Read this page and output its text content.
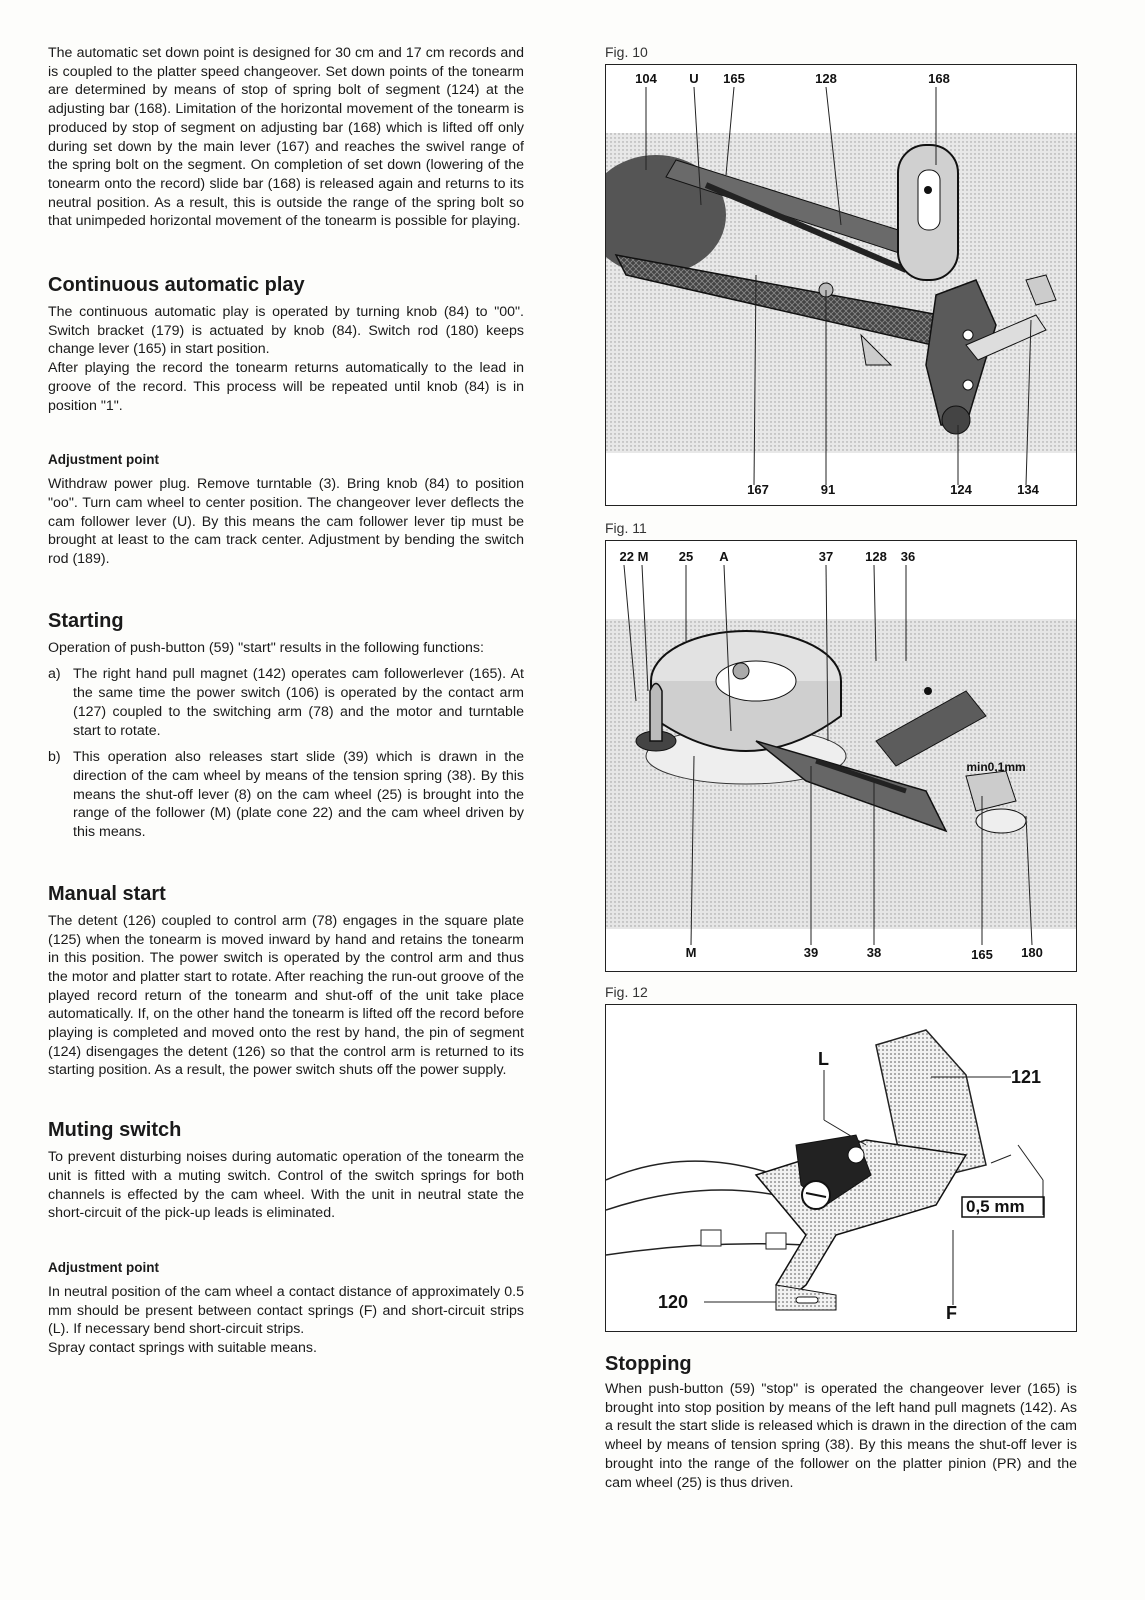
The automatic set down point is designed for 30 cm and 17 cm records and is coupled to the platter speed changeover. Set down points of the tonearm are determined by means of stop of spring bolt of segment (124) at the adjusting bar (168). Limitation of the horizontal movement of the tonearm is produced by stop of segment on adjusting bar (168) which is lifted off only during set down by the main lever (167) and reaches the swivel range of the spring bolt on the segment. On completion of set down (lowering of the tonearm onto the record) slide bar (168) is released again and returns to its neutral position. As a result, this is outside the range of the spring bolt so that unimpeded horizontal movement of the tonearm is possible for playing.

Continuous automatic play

The continuous automatic play is operated by turning knob (84) to "00". Switch bracket (179) is actuated by knob (84). Switch rod (180) keeps change lever (165) in start position.

After playing the record the tonearm returns automatically to the lead in groove of the record. This process will be repeated until knob (84) is in position "1".

Adjustment point

Withdraw power plug. Remove turntable (3). Bring knob (84) to position "oo". Turn cam wheel to center position. The changeover lever deflects the cam follower lever (U). By this means the cam follower lever tip must be brought at least to the cam track center. Adjustment by bending the switch rod (189).

Starting

Operation of push-button (59) "start" results in the following functions:

a) The right hand pull magnet (142) operates cam followerlever (165). At the same time the power switch (106) is operated by the contact arm (127) coupled to the switching arm (78) and the motor and turntable start to rotate.
b) This operation also releases start slide (39) which is drawn in the direction of the cam wheel by means of the tension spring (38). By this means the shut-off lever (8) on the cam wheel (25) is brought into the range of the follower (M) (plate cone 22) and the cam wheel driven by this means.
Manual start

The detent (126) coupled to control arm (78) engages in the square plate (125) when the tonearm is moved inward by hand and retains the tonearm in this position. The power switch is operated by the control arm and thus the motor and platter start to rotate. After reaching the run-out groove of the played record return of the tonearm and shut-off of the unit take place automatically. If, on the other hand the tonearm is lifted off the record before playing is completed and moved onto the rest by hand, the pin of segment (124) disengages the detent (126) so that the control arm is returned to its starting position. As a result, the power switch shuts off the power supply.

Muting switch

To prevent disturbing noises during automatic operation of the tonearm the unit is fitted with a muting switch. Control of the switch springs for both channels is effected by the cam wheel. With the unit in neutral state the short-circuit of the pick-up leads is eliminated.

Adjustment point

In neutral position of the cam wheel a contact distance of approximately 0.5 mm should be present between contact springs (F) and short-circuit strips (L). If necessary bend short-circuit strips.

Spray contact springs with suitable means.

Fig. 10
104 U 165	128	168
167	91	124	134
Fig. 11
22 M 25 A	37 128 36
M	39	38	165 180
min0,1mm
Fig. 12
L
121
0,5 mm
120
F
Stopping

When push-button (59) "stop" is operated the changeover lever (165) is brought into stop position by means of the left hand pull magnets (142). As a result the start slide is released which is drawn in the direction of the cam wheel by means of tension spring (38). By this means the shut-off lever is brought into the range of the follower on the platter pinion (PR) and the cam wheel (25) is thus driven.
